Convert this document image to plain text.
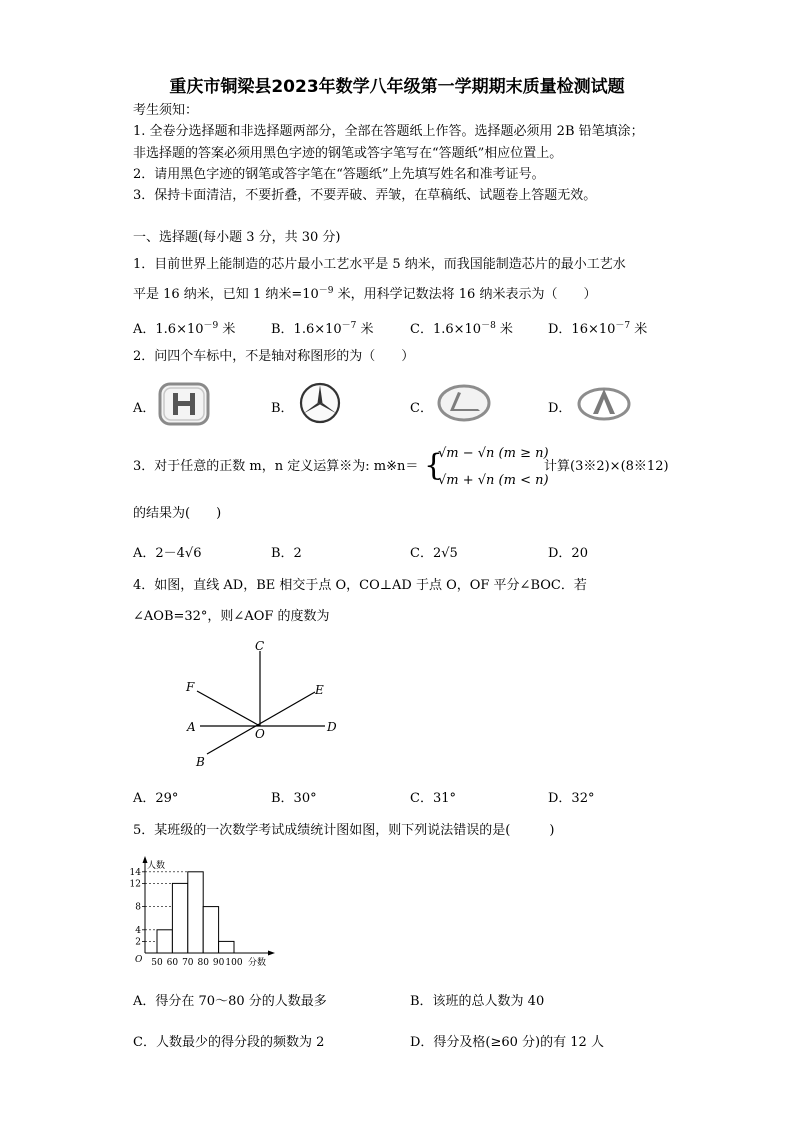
重庆市铜梁县2023年数学八年级第一学期期末质量检测试题
考生须知：
1. 全卷分选择题和非选择题两部分，全部在答题纸上作答。选择题必须用 2B 铅笔填涂；
非选择题的答案必须用黑色字迹的钢笔或答字笔写在“答题纸”相应位置上。
2．请用黑色字迹的钢笔或答字笔在“答题纸”上先填写姓名和准考证号。
3．保持卡面清洁，不要折叠，不要弄破、弄皱，在草稿纸、试题卷上答题无效。
一、选择题(每小题 3 分，共 30 分)
1．目前世界上能制造的芯片最小工艺水平是 5 纳米，而我国能制造芯片的最小工艺水
平是 16 纳米，已知 1 纳米$=10^{-9}$ 米，用科学记数法将 16 纳米表示为（　　）
A．$1.6\times 10^{-9}$ 米	B．$1.6\times 10^{-7}$ 米	C．$1.6\times 10^{-8}$ 米	D．$16\times 10^{-7}$ 米
2．问四个车标中，不是轴对称图形的为（　　）
A．	B．	C．	D．
3．对于任意的正数 m，n 定义运算※为: m※n＝ {
√m − √n (m ≥ n)
√m + √n (m < n)
计算(3※2)×(8※12)
的结果为(　　)
A．2－4√6	B．2	C．2√5	D．20
4．如图，直线 AD，BE 相交于点 O，CO⊥AD 于点 O，OF 平分∠BOC．若
∠AOB=32°，则∠AOF 的度数为
C
F	E
A	O	D
B
A．29°	B．30°	C．31°	D．32°
5．某班级的一次数学考试成绩统计图如图，则下列说法错误的是(　　　)
人数
分数
O
2
4
8
12
14
50 60 70 80 90 100
A．得分在 70～80 分的人数最多	B．该班的总人数为 40
C．人数最少的得分段的频数为 2	D．得分及格(≥60 分)的有 12 人
